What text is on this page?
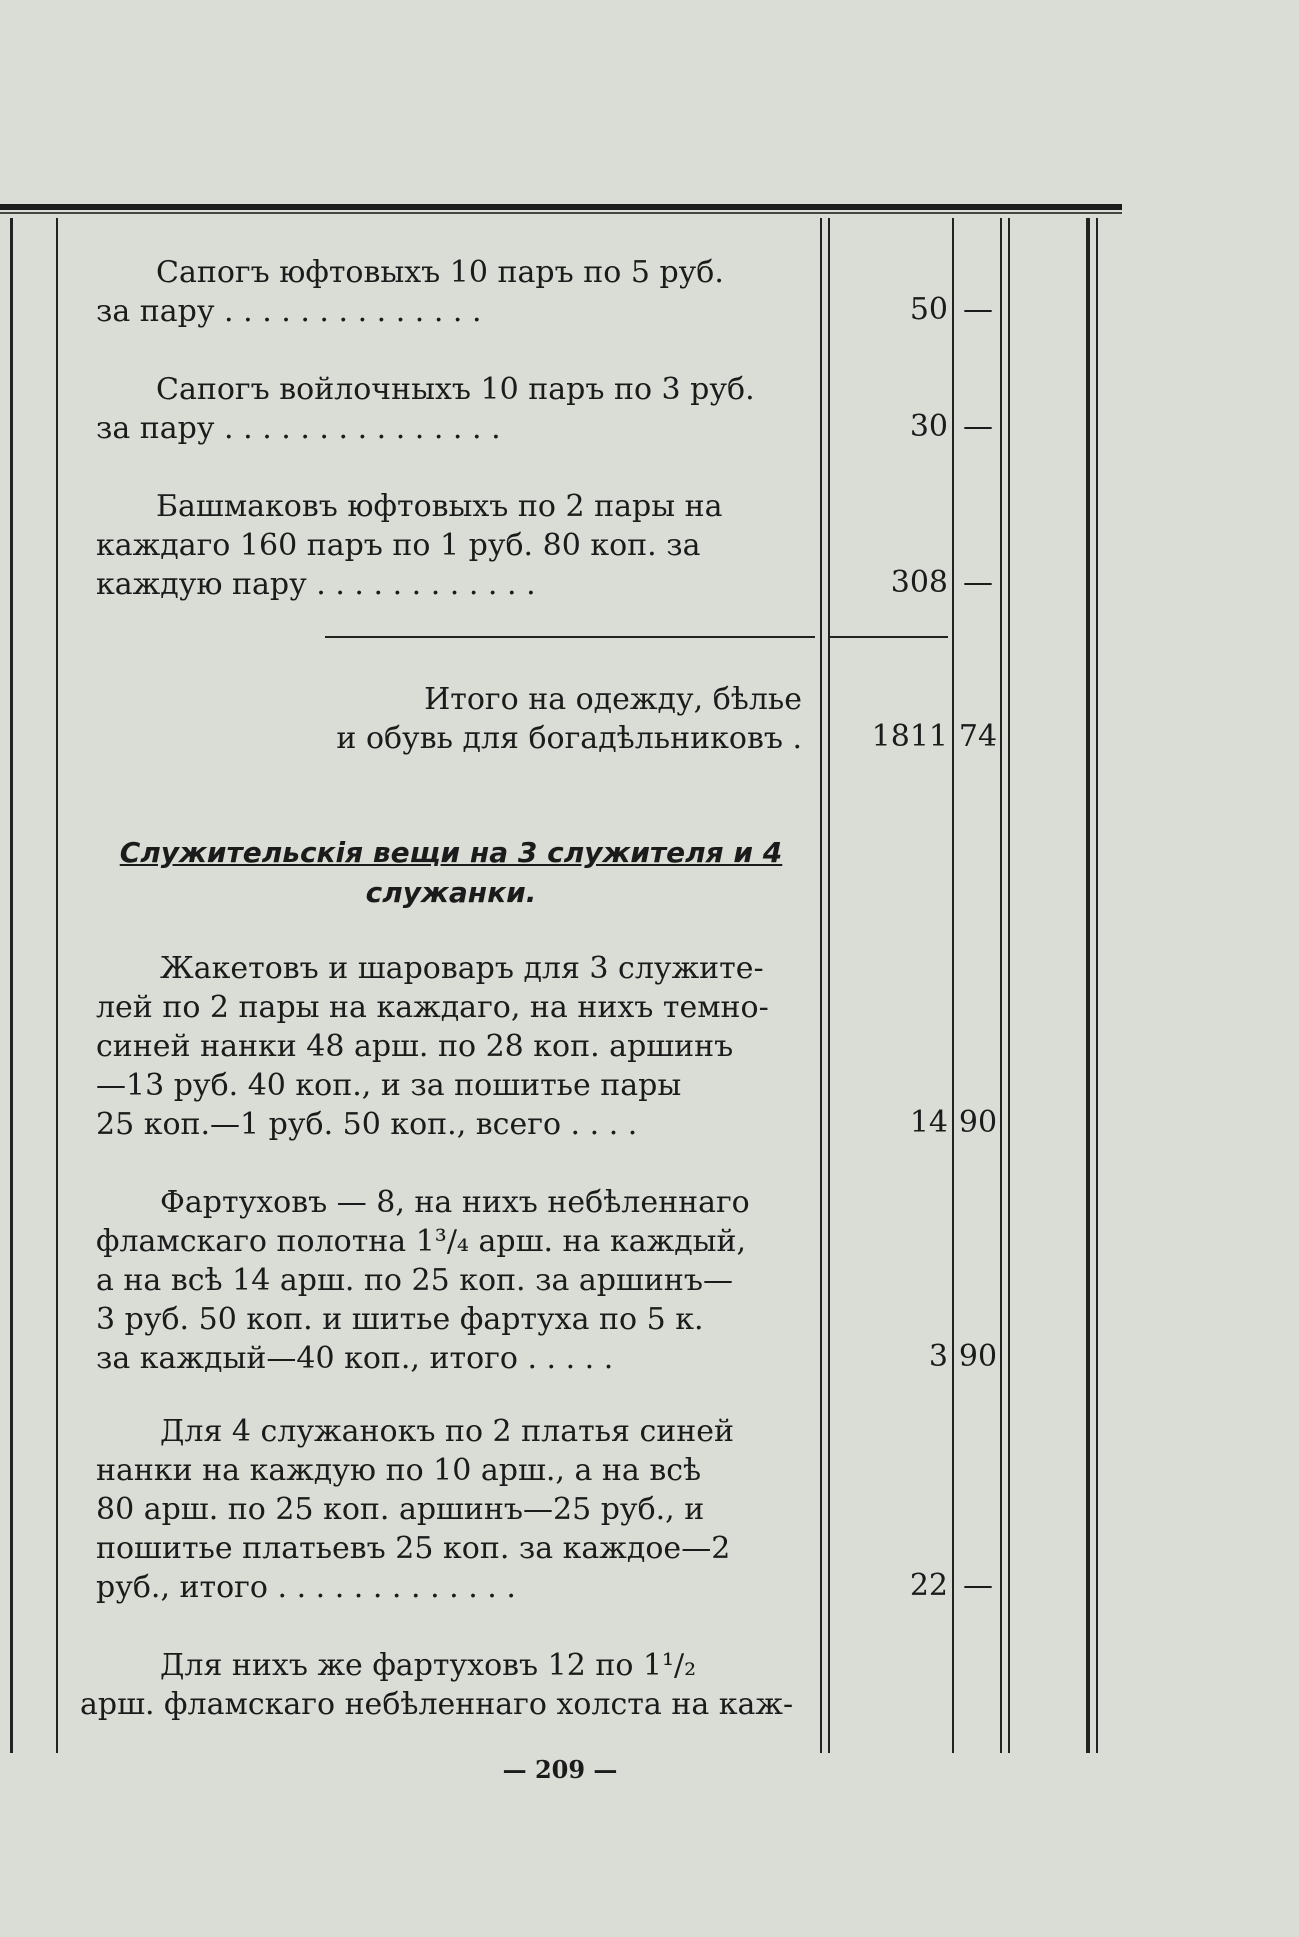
Сапогъ юфтовыхъ 10 паръ по 5 руб.
за пару . . . . . . . . . . . . . .	50 —
Сапогъ войлочныхъ 10 паръ по 3 руб.
за пару . . . . . . . . . . . . . . .	30 —
Башмаковъ юфтовыхъ по 2 пары на
каждаго 160 паръ по 1 руб. 80 коп. за
каждую пару . . . . . . . . . . . .	308 —
Итого на одежду, бѣлье
и обувь для богадѣльниковъ .	1811 74
Служительскія вещи на 3 служителя и 4
служанки.
Жакетовъ и шароваръ для 3 служите-
лей по 2 пары на каждаго, на нихъ темно-
синей нанки 48 арш. по 28 коп. аршинъ
—13 руб. 40 коп., и за пошитье пары
25 коп.—1 руб. 50 коп., всего . . . .	14 90
Фартуховъ — 8, на нихъ небѣленнаго
фламскаго полотна 1³/₄ арш. на каждый,
а на всѣ 14 арш. по 25 коп. за аршинъ—
3 руб. 50 коп. и шитье фартуха по 5 к.
за каждый—40 коп., итого . . . . .	3 90
Для 4 служанокъ по 2 платья синей
нанки на каждую по 10 арш., а на всѣ
80 арш. по 25 коп. аршинъ—25 руб., и
пошитье платьевъ 25 коп. за каждое—2
руб., итого . . . . . . . . . . . . .	22 —
Для нихъ же фартуховъ 12 по 1¹/₂
арш. фламскаго небѣленнаго холста на каж-
— 209 —
